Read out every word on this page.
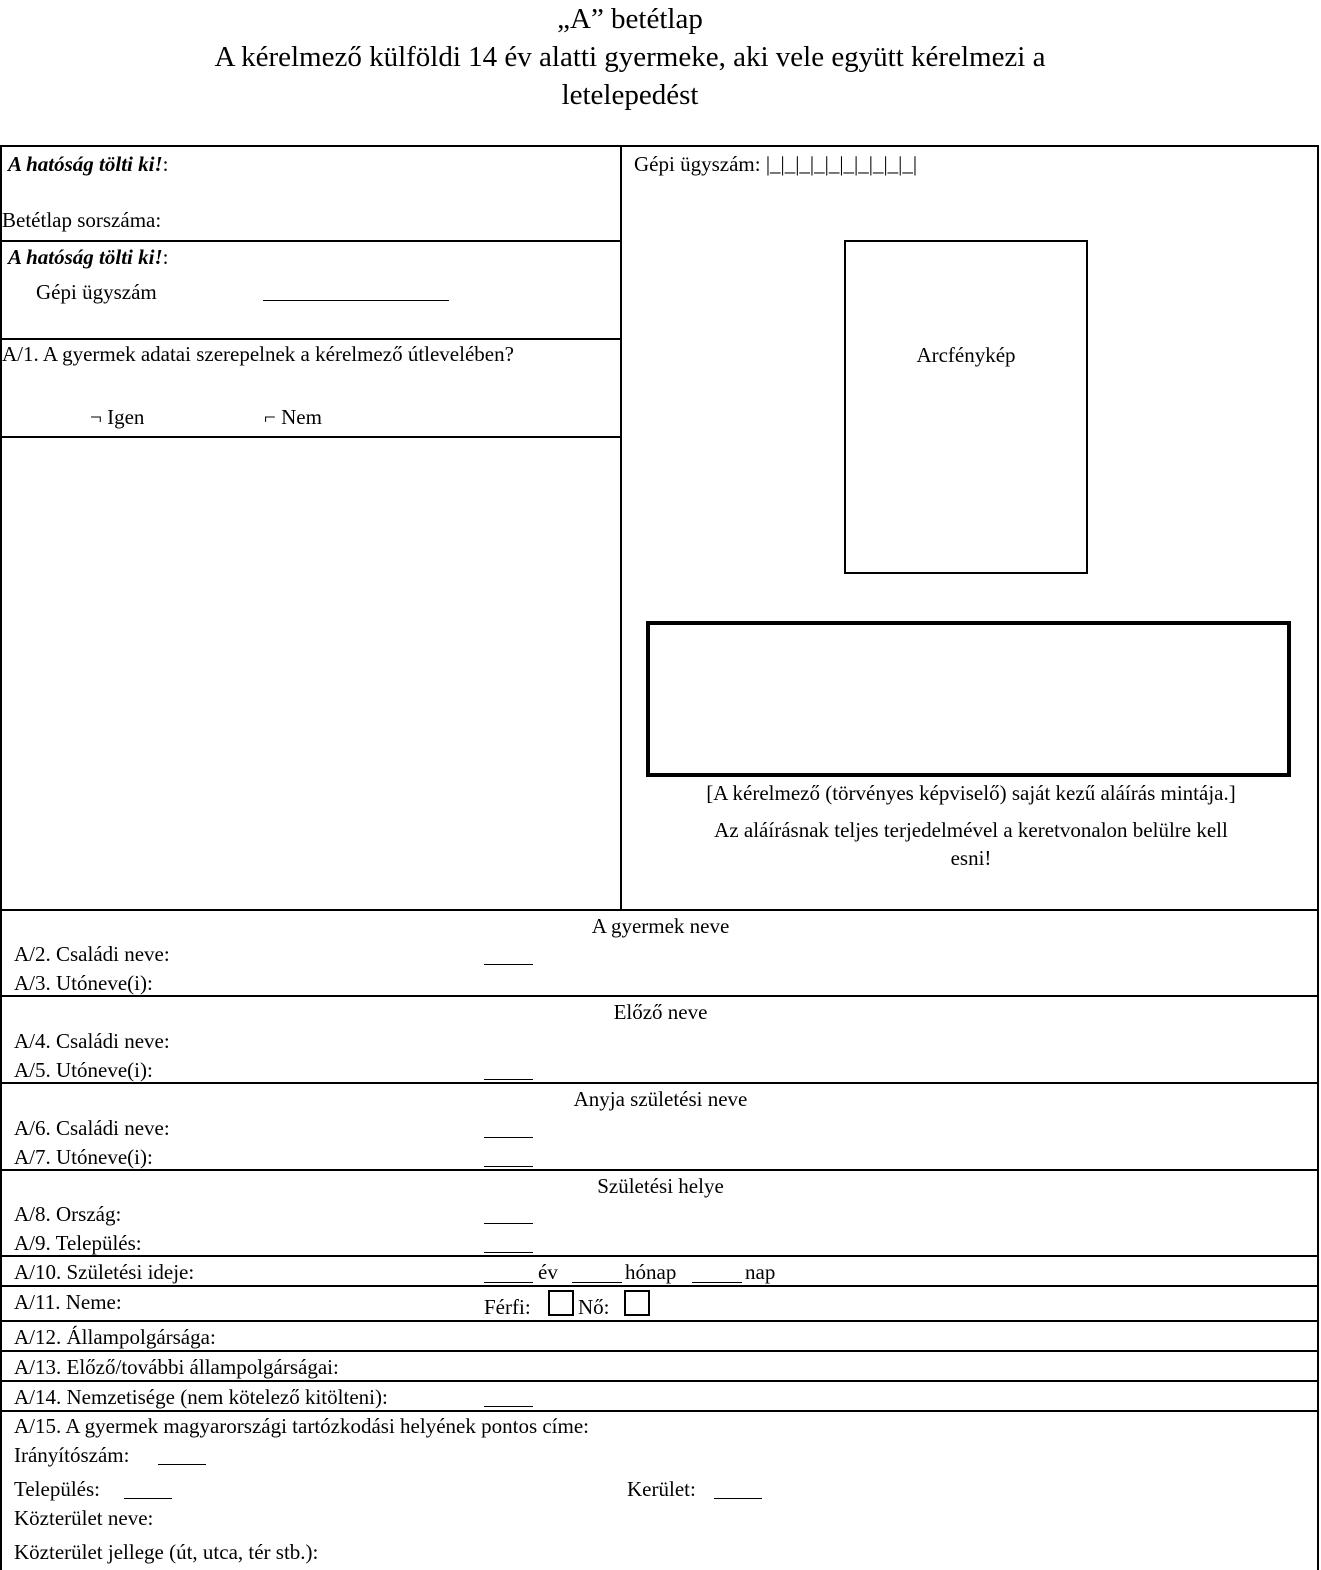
„A” betétlap
A kérelmező külföldi 14 év alatti gyermeke, aki vele együtt kérelmezi a
letelepedést
A hatóság tölti ki!:
Betétlap sorszáma:
A hatóság tölti ki!:
Gépi ügyszám
Gépi ügyszám: |_|_|_|_|_|_|_|_|_|_|
A/1. A gyermek adatai szerepelnek a kérelmező útlevelében?
¬ Igen	⌐ Nem
Arcfénykép
[A kérelmező (törvényes képviselő) saját kezű aláírás mintája.]
Az aláírásnak teljes terjedelmével a keretvonalon belülre kell
esni!
A gyermek neve
A/2. Családi neve:
A/3. Utóneve(i):
Előző neve
A/4. Családi neve:
A/5. Utóneve(i):
Anyja születési neve
A/6. Családi neve:
A/7. Utóneve(i):
Születési helye
A/8. Ország:
A/9. Település:
A/10. Születési ideje:	év	hónap	nap
A/11. Neme:	Férfi: Nő:
A/12. Állampolgársága:
A/13. Előző/további állampolgárságai:
A/14. Nemzetisége (nem kötelező kitölteni):
A/15. A gyermek magyarországi tartózkodási helyének pontos címe:
Irányítószám:
Település:	Kerület:
Közterület neve:
Közterület jellege (út, utca, tér stb.):
